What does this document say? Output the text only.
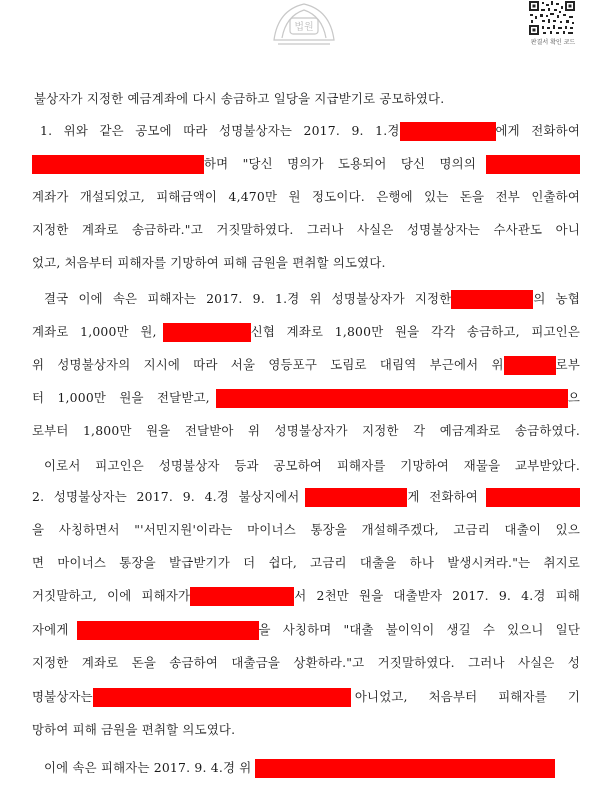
법원
판결서 확인 코드
불상자가 지정한 예금계좌에 다시 송금하고 일당을 지급받기로 공모하였다.
1. 위와 같은 공모에 따라 성명불상자는 2017. 9. 1.경	에게 전화하여
하며 "당신 명의가 도용되어 당신 명의의
계좌가 개설되었고, 피해금액이 4,470만 원 정도이다. 은행에 있는 돈을 전부 인출하여
지정한 계좌로 송금하라."고 거짓말하였다. 그러나 사실은 성명불상자는 수사관도 아니
었고, 처음부터 피해자를 기망하여 피해 금원을 편취할 의도였다.
결국 이에 속은 피해자는 2017. 9. 1.경 위 성명불상자가 지정한	의 농협
계좌로 1,000만 원,	신협 계좌로 1,800만 원을 각각 송금하고, 피고인은
위 성명불상자의 지시에 따라 서울 영등포구 도림로 대림역 부근에서 위	로부
터 1,000만 원을 전달받고,	으
로부터 1,800만 원을 전달받아 위 성명불상자가 지정한 각 예금계좌로 송금하였다.
이로서 피고인은 성명불상자 등과 공모하여 피해자를 기망하여 재물을 교부받았다.
2. 성명불상자는 2017. 9. 4.경 불상지에서	게 전화하여
을 사칭하면서 "'서민지원'이라는 마이너스 통장을 개설해주겠다, 고금리 대출이 있으
면 마이너스 통장을 발급받기가 더 쉽다, 고금리 대출을 하나 발생시켜라."는 취지로
거짓말하고, 이에 피해자가	서 2천만 원을 대출받자 2017. 9. 4.경 피해
자에게	을 사칭하며 "대출 불이익이 생길 수 있으니 일단
지정한 계좌로 돈을 송금하여 대출금을 상환하라."고 거짓말하였다. 그러나 사실은 성
명불상자는	아니었고, 처음부터 피해자를 기
망하여 피해 금원을 편취할 의도였다.
이에 속은 피해자는 2017. 9. 4.경 위
